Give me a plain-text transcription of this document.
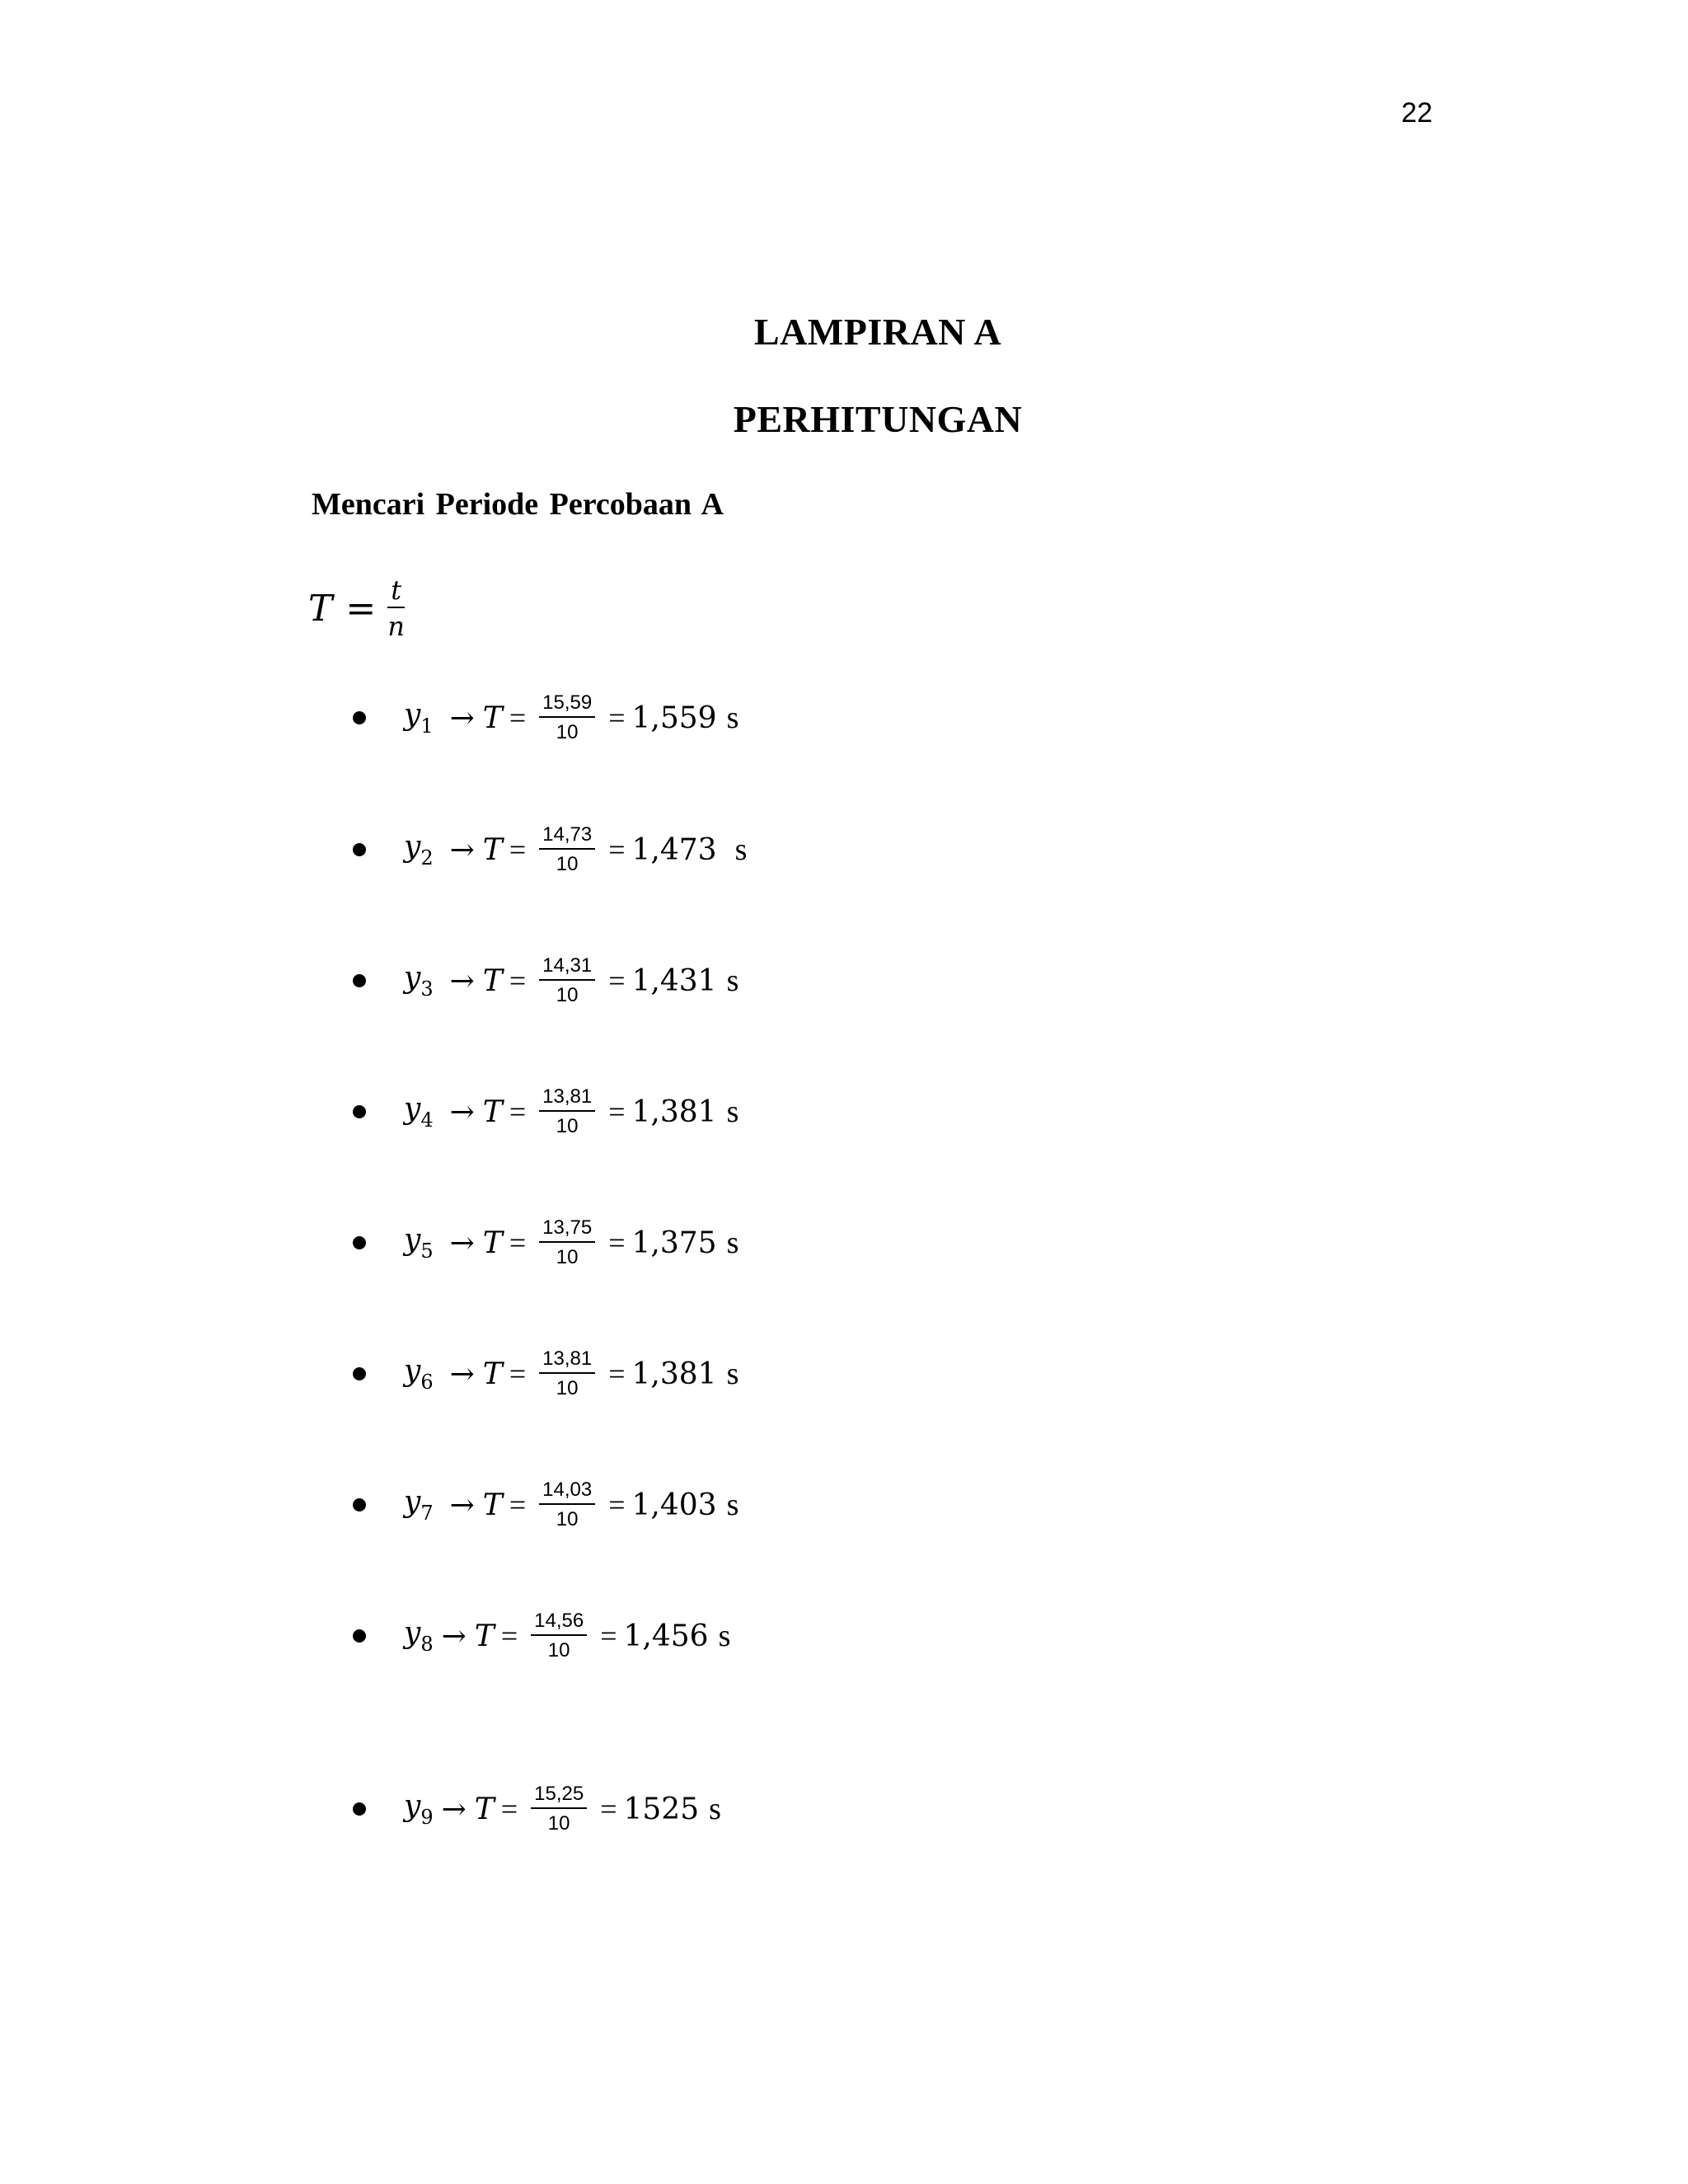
22
LAMPIRAN A
PERHITUNGAN
Mencari Periode Percobaan A
$T = \frac{t}{n}$
$y_1 \to T = \frac{15,59}{10} = 1,559$ s
$y_2 \to T = \frac{14,73}{10} = 1,473$ s
$y_3 \to T = \frac{14,31}{10} = 1,431$ s
$y_4 \to T = \frac{13,81}{10} = 1,381$ s
$y_5 \to T = \frac{13,75}{10} = 1,375$ s
$y_6 \to T = \frac{13,81}{10} = 1,381$ s
$y_7 \to T = \frac{14,03}{10} = 1,403$ s
$y_8 \to T = \frac{14,56}{10} = 1,456$ s
$y_9 \to T = \frac{15,25}{10} = 1525$ s
